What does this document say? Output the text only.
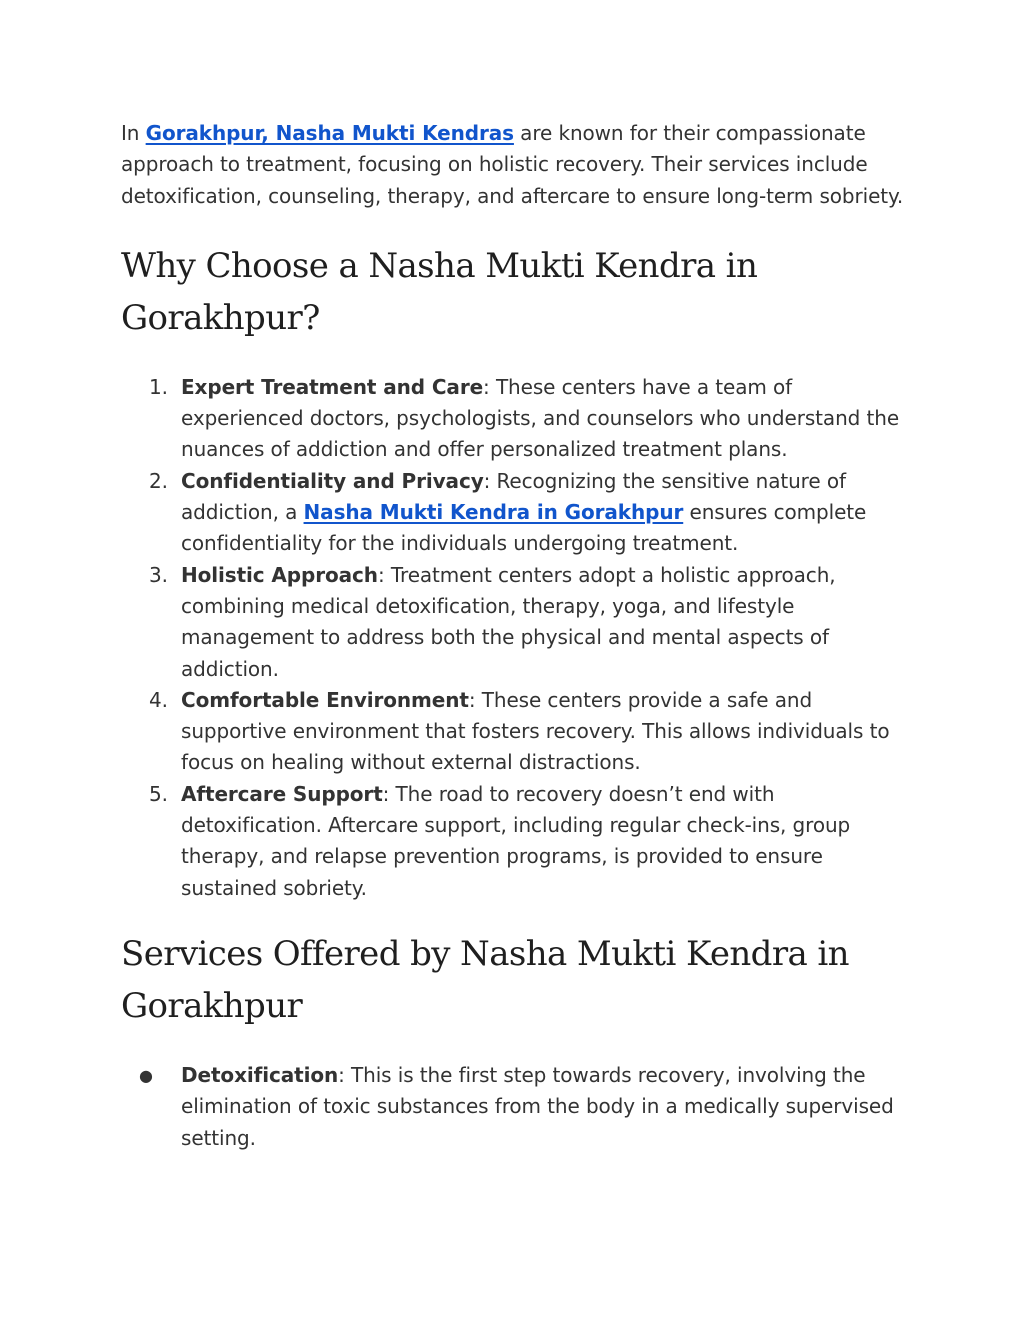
In Gorakhpur, Nasha Mukti Kendras are known for their compassionate approach to treatment, focusing on holistic recovery. Their services include detoxification, counseling, therapy, and aftercare to ensure long-term sobriety.

Why Choose a Nasha Mukti Kendra in Gorakhpur?
1. Expert Treatment and Care: These centers have a team of experienced doctors, psychologists, and counselors who understand the nuances of addiction and offer personalized treatment plans.
2. Confidentiality and Privacy: Recognizing the sensitive nature of addiction, a Nasha Mukti Kendra in Gorakhpur ensures complete confidentiality for the individuals undergoing treatment.
3. Holistic Approach: Treatment centers adopt a holistic approach, combining medical detoxification, therapy, yoga, and lifestyle management to address both the physical and mental aspects of addiction.
4. Comfortable Environment: These centers provide a safe and supportive environment that fosters recovery. This allows individuals to focus on healing without external distractions.
5. Aftercare Support: The road to recovery doesn’t end with detoxification. Aftercare support, including regular check-ins, group therapy, and relapse prevention programs, is provided to ensure sustained sobriety.
Services Offered by Nasha Mukti Kendra in Gorakhpur
●	Detoxification: This is the first step towards recovery, involving the elimination of toxic substances from the body in a medically supervised setting.
